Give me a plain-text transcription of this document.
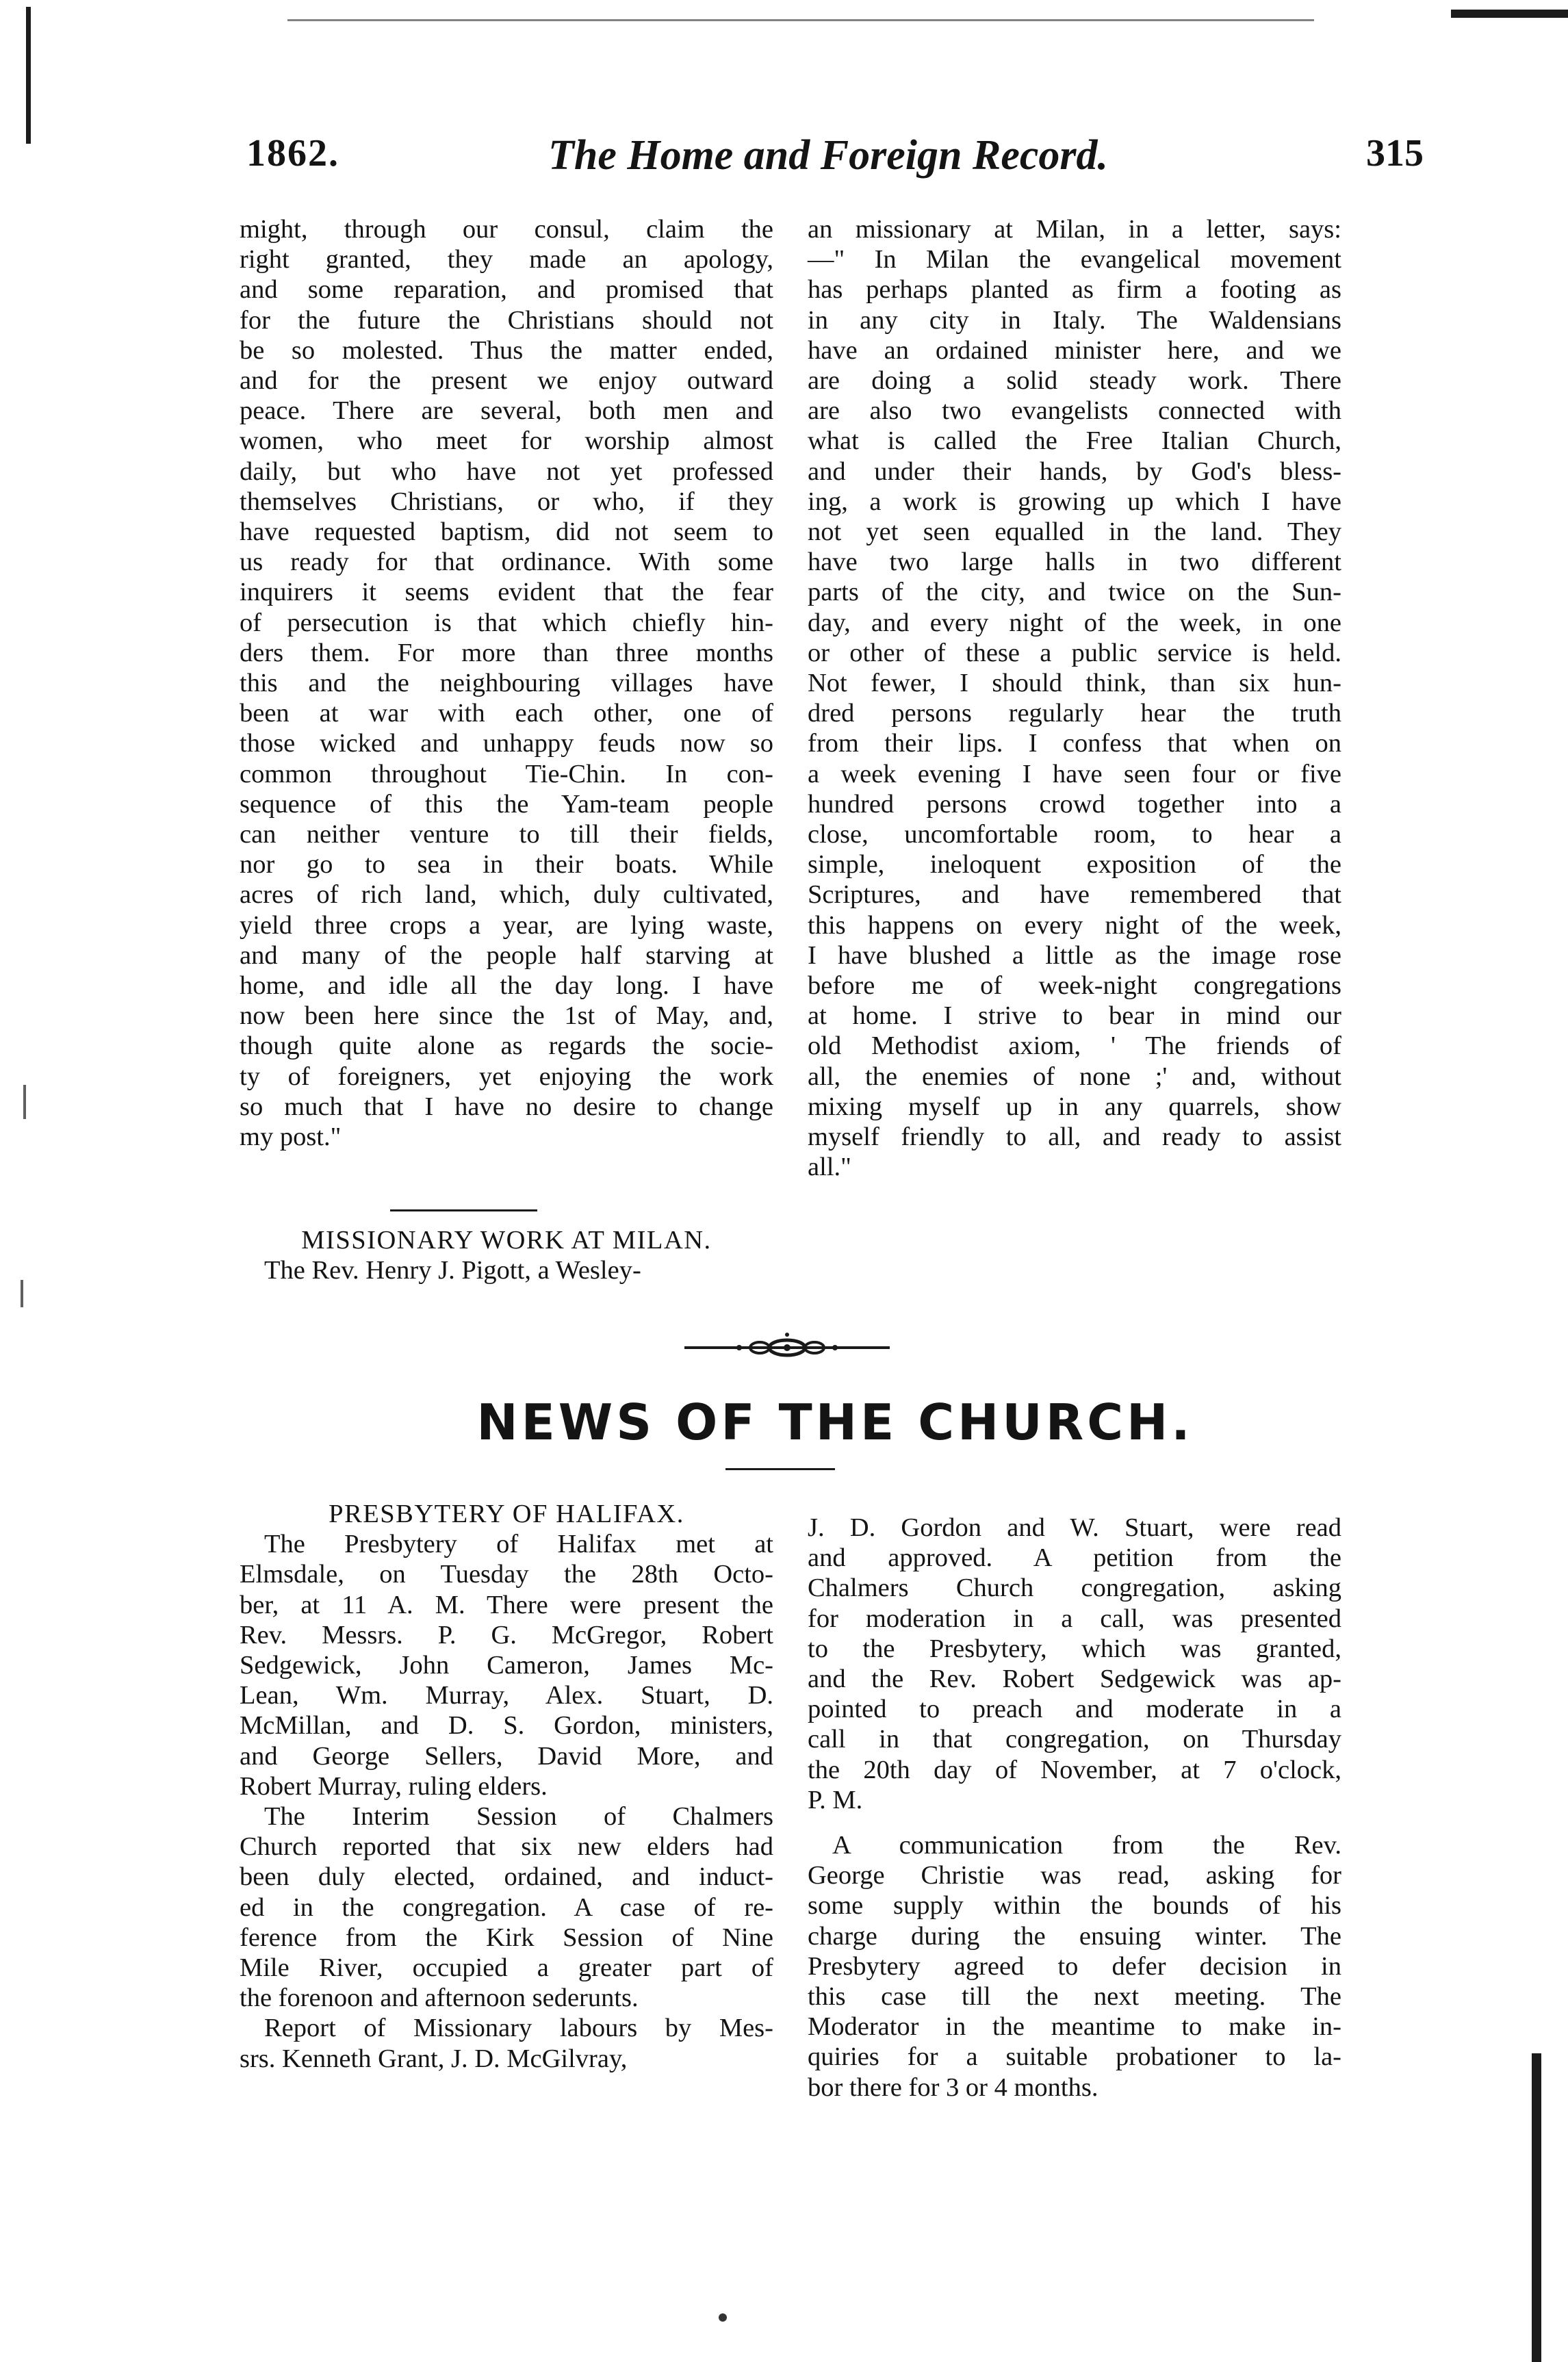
1862.	The Home and Foreign Record.	315

might, through our consul, claim the
right granted, they made an apology,
and some reparation, and promised that
for the future the Christians should not
be so molested. Thus the matter ended,
and for the present we enjoy outward
peace. There are several, both men and
women, who meet for worship almost
daily, but who have not yet professed
themselves Christians, or who, if they
have requested baptism, did not seem to
us ready for that ordinance. With some
inquirers it seems evident that the fear
of persecution is that which chiefly hin-
ders them. For more than three months
this and the neighbouring villages have
been at war with each other, one of
those wicked and unhappy feuds now so
common throughout Tie-Chin. In con-
sequence of this the Yam-team people
can neither venture to till their fields,
nor go to sea in their boats. While
acres of rich land, which, duly cultivated,
yield three crops a year, are lying waste,
and many of the people half starving at
home, and idle all the day long. I have
now been here since the 1st of May, and,
though quite alone as regards the socie-
ty of foreigners, yet enjoying the work
so much that I have no desire to change
my post."

MISSIONARY WORK AT MILAN.
The Rev. Henry J. Pigott, a Wesley-

an missionary at Milan, in a letter, says:
—" In Milan the evangelical movement
has perhaps planted as firm a footing as
in any city in Italy. The Waldensians
have an ordained minister here, and we
are doing a solid steady work. There
are also two evangelists connected with
what is called the Free Italian Church,
and under their hands, by God's bless-
ing, a work is growing up which I have
not yet seen equalled in the land. They
have two large halls in two different
parts of the city, and twice on the Sun-
day, and every night of the week, in one
or other of these a public service is held.
Not fewer, I should think, than six hun-
dred persons regularly hear the truth
from their lips. I confess that when on
a week evening I have seen four or five
hundred persons crowd together into a
close, uncomfortable room, to hear a
simple, ineloquent exposition of the
Scriptures, and have remembered that
this happens on every night of the week,
I have blushed a little as the image rose
before me of week-night congregations
at home. I strive to bear in mind our
old Methodist axiom, ' The friends of
all, the enemies of none ;' and, without
mixing myself up in any quarrels, show
myself friendly to all, and ready to assist
all."

NEWS OF THE CHURCH.
PRESBYTERY OF HALIFAX.

The Presbytery of Halifax met at
Elmsdale, on Tuesday the 28th Octo-
ber, at 11 A. M. There were present the
Rev. Messrs. P. G. McGregor, Robert
Sedgewick, John Cameron, James Mc-
Lean, Wm. Murray, Alex. Stuart, D.
McMillan, and D. S. Gordon, ministers,
and George Sellers, David More, and
Robert Murray, ruling elders.
The Interim Session of Chalmers
Church reported that six new elders had
been duly elected, ordained, and induct-
ed in the congregation. A case of re-
ference from the Kirk Session of Nine
Mile River, occupied a greater part of
the forenoon and afternoon sederunts.
Report of Missionary labours by Mes-
srs. Kenneth Grant, J. D. McGilvray,

J. D. Gordon and W. Stuart, were read
and approved. A petition from the
Chalmers Church congregation, asking
for moderation in a call, was presented
to the Presbytery, which was granted,
and the Rev. Robert Sedgewick was ap-
pointed to preach and moderate in a
call in that congregation, on Thursday
the 20th day of November, at 7 o'clock,
P. M.
A communication from the Rev.
George Christie was read, asking for
some supply within the bounds of his
charge during the ensuing winter. The
Presbytery agreed to defer decision in
this case till the next meeting. The
Moderator in the meantime to make in-
quiries for a suitable probationer to la-
bor there for 3 or 4 months.
